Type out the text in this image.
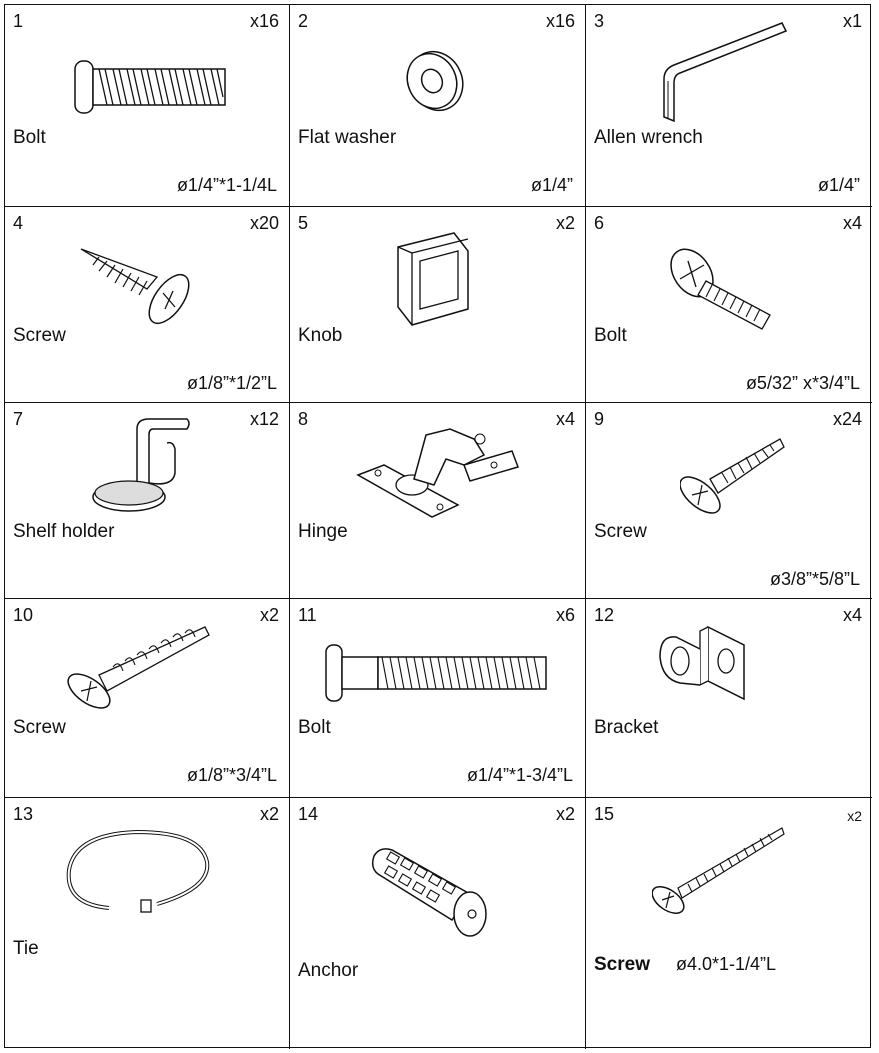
1	x16
Bolt
ø1/4”*1-1/4L
2	x16
Flat washer
ø1/4”
3	x1
Allen wrench
ø1/4”
4	x20
Screw
ø1/8”*1/2”L
5	x2
Knob
6	x4
Bolt
ø5/32” x*3/4”L
7	x12
Shelf holder
8	x4
Hinge
9	x24
Screw
ø3/8”*5/8”L
10	x2
Screw
ø1/8”*3/4”L
11	x6
Bolt
ø1/4”*1-3/4”L
12	x4
Bracket
13	x2
Tie
14	x2
Anchor
15	x2
Screw ø4.0*1-1/4”L
